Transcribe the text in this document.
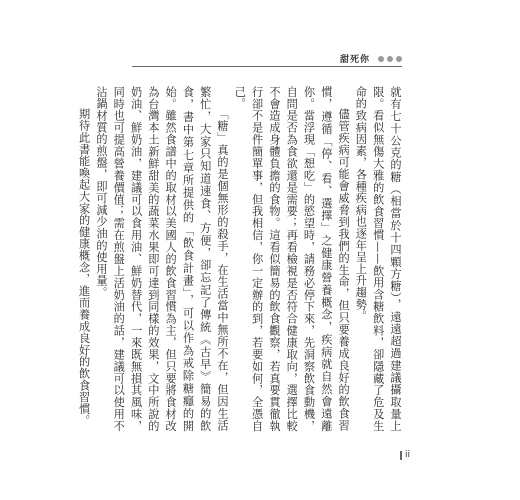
甜死你

就有七十公克的糖（相當於十四顆方糖），遠遠超過建議攝取量上限。看似無傷大雅的飲食習慣——飲用含糖飲料，卻隱藏了危及生命的致病因素，各種疾病也逐年呈上升趨勢。

儘管疾病可能會威脅到我們的生命，但只要養成良好的飲食習慣，遵循「停、看、選擇」之健康營養概念，疾病就自然會遠離你。當浮現「想吃」的慾望時，請務必停下來，先洞察飲食動機，自問是否為食欲還是需要；再看檢視是否符合健康取向，選擇比較不會造成身體負擔的食物。這看似簡易的飲食觀察，若真要貫徹執行卻不是件簡單事，但我相信，你一定辦的到，若要如何，全憑自己。

「糖」真的是個無形的殺手，在生活當中無所不在，但因生活繁忙，大家只知道速食、方便，卻忘記了傳統《古早》簡易的飲食，書中第七章所提供的「飲食計畫」，可以作為戒除糖癮的開始。雖然食譜中的取材以美國人的飲食習慣為主，但只要將食材改為台灣本土新鮮甜美的蔬菜水果即可達到同樣的效果，文中所說的奶油、鮮奶油，建議可以食用油、鮮奶替代，一來既無損其風味，同時也可提高營養價值；需在煎盤上活奶油的話，建議可以使用不沾鍋材質的煎盤，即可減少油的使用量。

期待此書能喚起大家的健康概念，進而養成良好的飲食習慣。

ii
